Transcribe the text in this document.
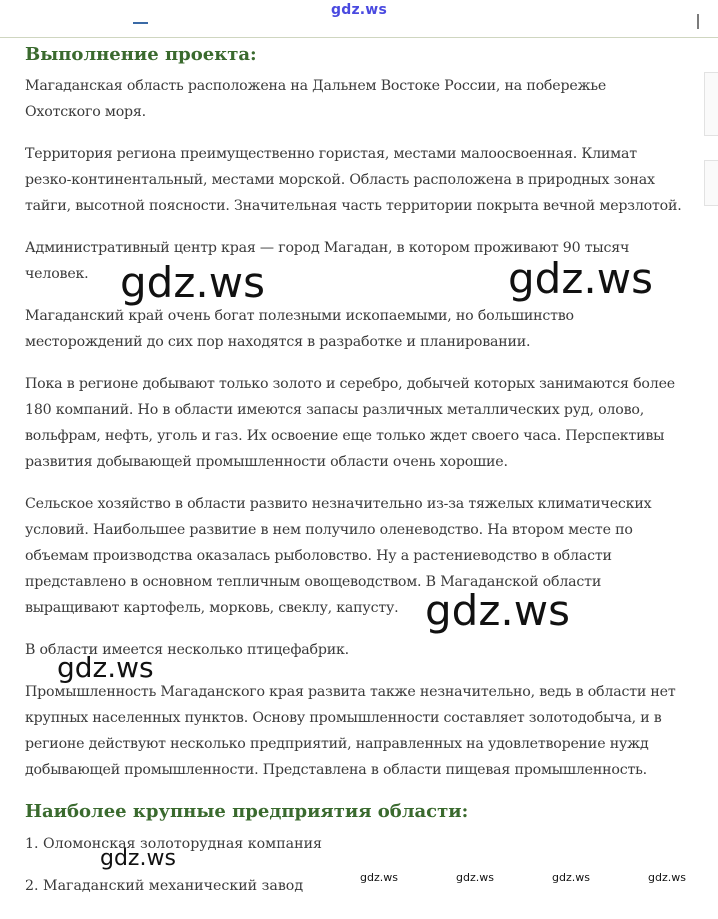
gdz.ws
Выполнение проекта:

Магаданская область расположена на Дальнем Востоке России, на побережье Охотского моря.

Территория региона преимущественно гористая, местами малоосвоенная. Климат резко-континентальный, местами морской. Область расположена в природных зонах тайги, высотной поясности. Значительная часть территории покрыта вечной мерзлотой.

Административный центр края — город Магадан, в котором проживают 90 тысяч человек.

Магаданский край очень богат полезными ископаемыми, но большинство месторождений до сих пор находятся в разработке и планировании.

Пока в регионе добывают только золото и серебро, добычей которых занимаются более 180 компаний. Но в области имеются запасы различных металлических руд, олово, вольфрам, нефть, уголь и газ. Их освоение еще только ждет своего часа. Перспективы развития добывающей промышленности области очень хорошие.

Сельское хозяйство в области развито незначительно из-за тяжелых климатических условий. Наибольшее развитие в нем получило оленеводство. На втором месте по объемам производства оказалась рыболовство. Ну а растениеводство в области представлено в основном тепличным овощеводством. В Магаданской области выращивают картофель, морковь, свеклу, капусту.

В области имеется несколько птицефабрик.

Промышленность Магаданского края развита также незначительно, ведь в области нет крупных населенных пунктов. Основу промышленности составляет золотодобыча, и в регионе действуют несколько предприятий, направленных на удовлетворение нужд добывающей промышленности. Представлена в области пищевая промышленность.

Наиболее крупные предприятия области:
1. Оломонская золоторудная компания
2. Магаданский механический завод
gdz.ws	gdz.ws
gdz.ws
gdz.ws
gdz.ws
gdz.ws	gdz.ws	gdz.ws	gdz.ws
